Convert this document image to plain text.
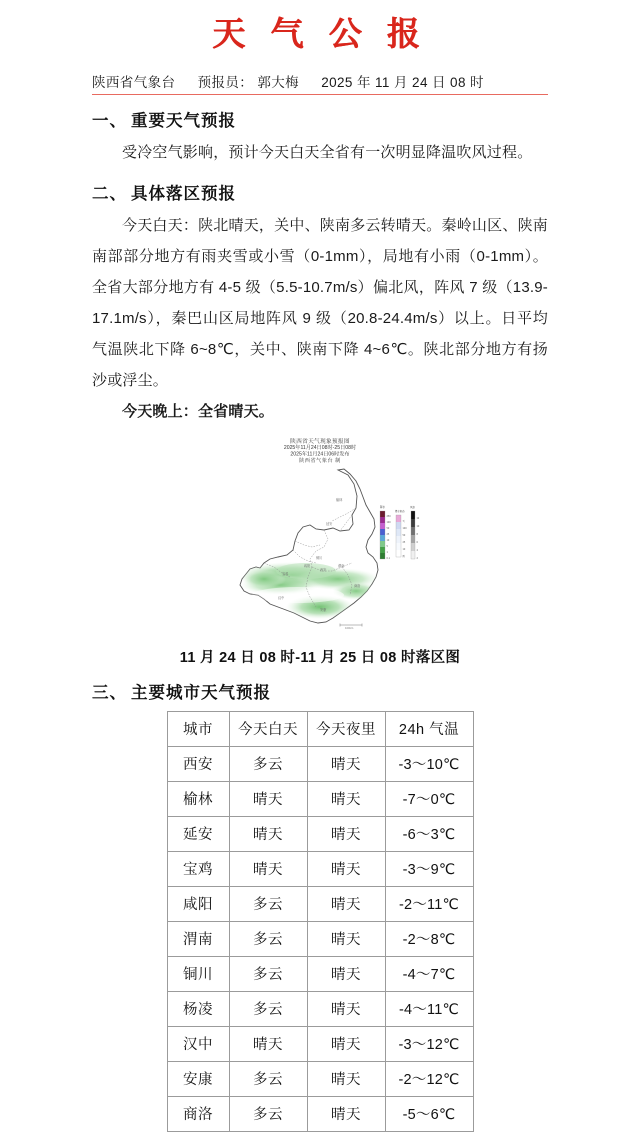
天 气 公 报
陕西省气象台 预报员： 郭大梅 2025 年 11 月 24 日 08 时
一、 重要天气预报

受冷空气影响，预计今天白天全省有一次明显降温吹风过程。

二、 具体落区预报

今天白天：陕北晴天，关中、陕南多云转晴天。秦岭山区、陕南南部部分地方有雨夹雪或小雪（0-1mm），局地有小雨（0-1mm）。全省大部分地方有 4-5 级（5.5-10.7m/s）偏北风，阵风 7 级（13.9-17.1m/s），秦巴山区局地阵风 9 级（20.8-24.4m/s）以上。日平均气温陕北下降 6~8℃，关中、陕南下降 4~6℃。陕北部分地方有扬沙或浮尘。

今天晚上：全省晴天。

陕西省天气现象预报图
2025年11月24日08时-25日08时
2025年11月24日06时发布
陕西省气象台 制
榆林
延安
铜川
咸阳
西安
渭南
宝鸡
汉中
安康
商洛
降水
250
100
50
25
10
5
1
0.1
降水相态
雪
100
50
25
10
雨
风速
12
10
8
6
4
2
100km
11 月 24 日 08 时-11 月 25 日 08 时落区图
三、 主要城市天气预报
城市	今天白天	今天夜里	24h 气温
西安	多云	晴天	-3～10℃
榆林	晴天	晴天	-7～0℃
延安	晴天	晴天	-6～3℃
宝鸡	晴天	晴天	-3～9℃
咸阳	多云	晴天	-2～11℃
渭南	多云	晴天	-2～8℃
铜川	多云	晴天	-4～7℃
杨凌	多云	晴天	-4～11℃
汉中	晴天	晴天	-3～12℃
安康	多云	晴天	-2～12℃
商洛	多云	晴天	-5～6℃
